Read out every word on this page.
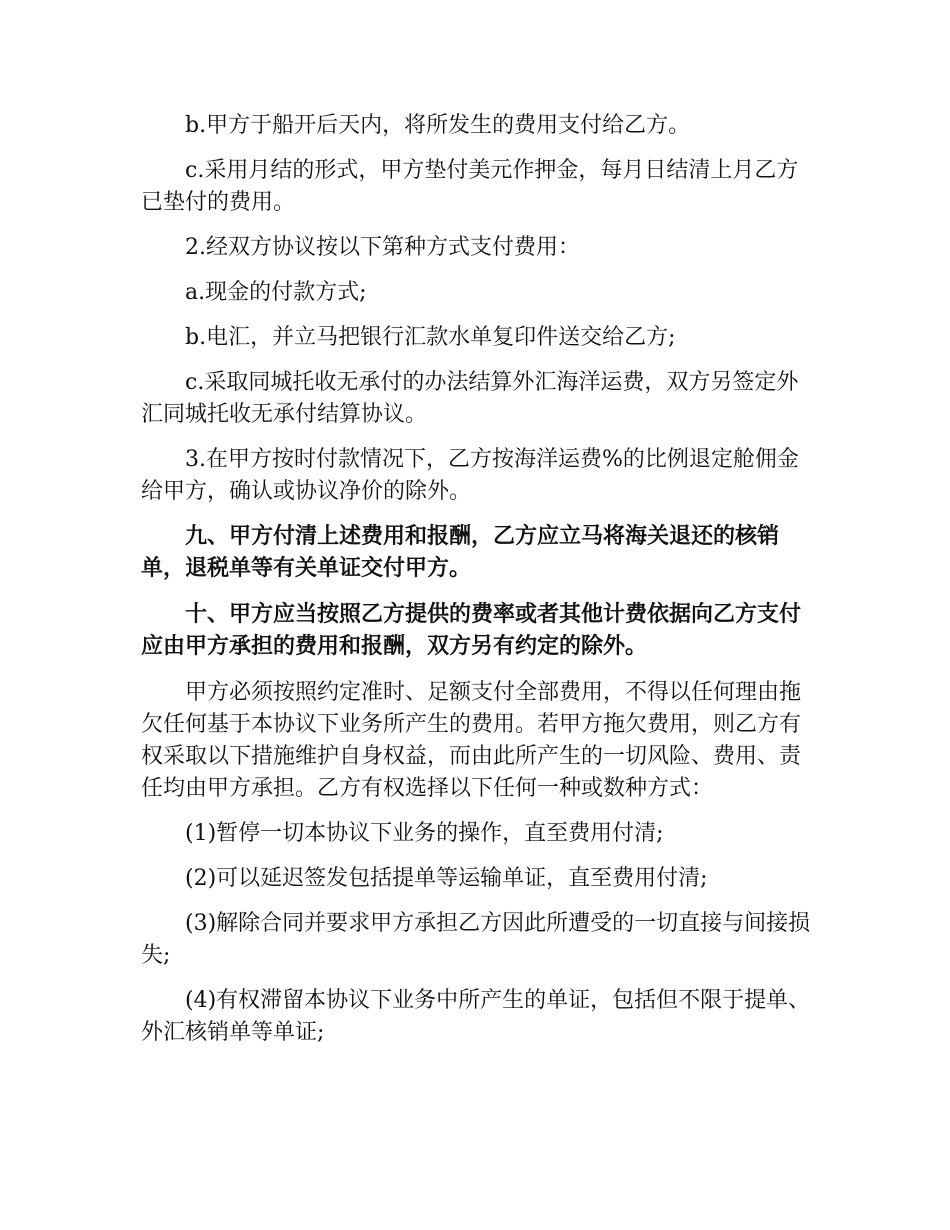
b.甲方于船开后天内，将所发生的费用支付给乙方。

c.采用月结的形式，甲方垫付美元作押金，每月日结清上月乙方已垫付的费用。

2.经双方协议按以下第种方式支付费用：

a.现金的付款方式;

b.电汇，并立马把银行汇款水单复印件送交给乙方;

c.采取同城托收无承付的办法结算外汇海洋运费，双方另签定外汇同城托收无承付结算协议。

3.在甲方按时付款情况下，乙方按海洋运费%的比例退定舱佣金给甲方，确认或协议净价的除外。

九、甲方付清上述费用和报酬，乙方应立马将海关退还的核销单，退税单等有关单证交付甲方。

十、甲方应当按照乙方提供的费率或者其他计费依据向乙方支付应由甲方承担的费用和报酬，双方另有约定的除外。

甲方必须按照约定准时、足额支付全部费用，不得以任何理由拖欠任何基于本协议下业务所产生的费用。若甲方拖欠费用，则乙方有权采取以下措施维护自身权益，而由此所产生的一切风险、费用、责任均由甲方承担。乙方有权选择以下任何一种或数种方式：

(1)暂停一切本协议下业务的操作，直至费用付清;

(2)可以延迟签发包括提单等运输单证，直至费用付清;

(3)解除合同并要求甲方承担乙方因此所遭受的一切直接与间接损失;

(4)有权滞留本协议下业务中所产生的单证，包括但不限于提单、外汇核销单等单证;
